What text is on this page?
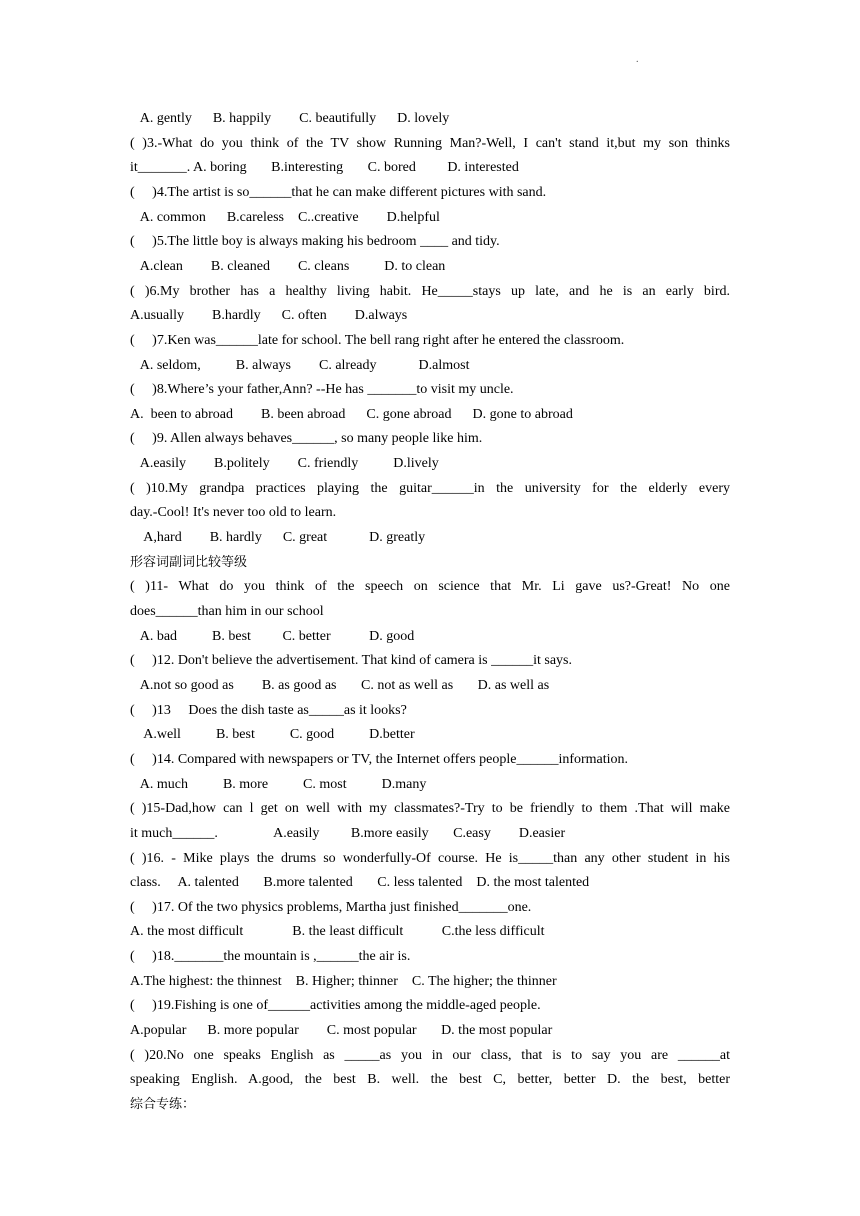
.
A. gently      B. happily        C. beautifully      D. lovely
( )3.-What do you think of the TV show Running Man?-Well, I can't stand it,but my son thinks
it_______. A. boring       B.interesting       C. bored         D. interested
(     )4.The artist is so______that he can make different pictures with sand.
A. common      B.careless    C..creative        D.helpful
(     )5.The little boy is always making his bedroom ____ and tidy.
A.clean        B. cleaned        C. cleans          D. to clean
( )6.My brother has a healthy living habit. He_____stays up late, and he is an early bird.
A.usually        B.hardly      C. often        D.always
(     )7.Ken was______late for school. The bell rang right after he entered the classroom.
A. seldom,          B. always        C. already            D.almost
(     )8.Where’s your father,Ann? --He has _______to visit my uncle.
A.  been to abroad        B. been abroad      C. gone abroad      D. gone to abroad
(     )9. Allen always behaves______, so many people like him.
A.easily        B.politely        C. friendly          D.lively
( )10.My grandpa practices playing the guitar______in the university for the elderly every
day.-Cool! It's never too old to learn.
A,hard        B. hardly      C. great            D. greatly
形容词副词比较等级
( )11- What do you think of the speech on science that Mr. Li gave us?-Great! No one
does______than him in our school
A. bad          B. best         C. better           D. good
(     )12. Don't believe the advertisement. That kind of camera is ______it says.
A.not so good as        B. as good as       C. not as well as       D. as well as
(     )13     Does the dish taste as_____as it looks?
A.well          B. best          C. good          D.better
(     )14. Compared with newspapers or TV, the Internet offers people______information.
A. much          B. more          C. most          D.many
( )15-Dad,how can l get on well with my classmates?-Try to be friendly to them .That will make
it much______.                A.easily         B.more easily       C.easy        D.easier
( )16. - Mike plays the drums so wonderfully-Of course. He is_____than any other student in his
class.     A. talented       B.more talented       C. less talented    D. the most talented
(     )17. Of the two physics problems, Martha just finished_______one.
A. the most difficult              B. the least difficult           C.the less difficult
(     )18._______the mountain is ,______the air is.
A.The highest: the thinnest    B. Higher; thinner    C. The higher; the thinner
(     )19.Fishing is one of______activities among the middle-aged people.
A.popular      B. more popular        C. most popular       D. the most popular
( )20.No one speaks English as _____as you in our class, that is to say you are ______at
speaking English. A.good, the best B. well. the best C, better, better D. the best, better
综合专练：
